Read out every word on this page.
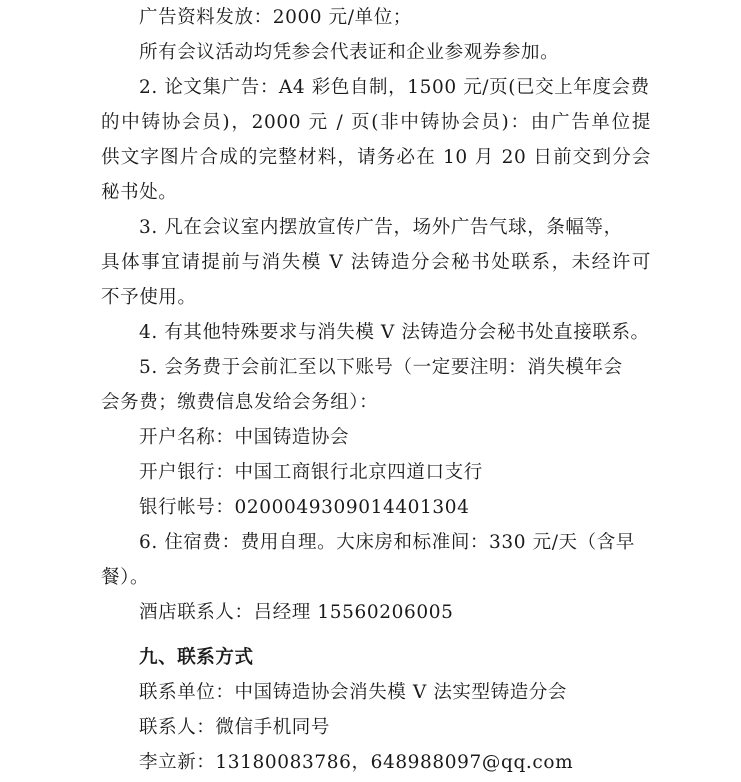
广告资料发放：2000 元/单位；
所有会议活动均凭参会代表证和企业参观券参加。
2. 论文集广告：A4 彩色自制，1500 元/页(已交上年度会费
的中铸协会员)，2000 元 / 页(非中铸协会员)：由广告单位提
供文字图片合成的完整材料，请务必在 10 月 20 日前交到分会
秘书处。
3. 凡在会议室内摆放宣传广告，场外广告气球，条幅等，
具体事宜请提前与消失模 V 法铸造分会秘书处联系，未经许可
不予使用。
4. 有其他特殊要求与消失模 V 法铸造分会秘书处直接联系。
5. 会务费于会前汇至以下账号（一定要注明：消失模年会
会务费；缴费信息发给会务组）：
开户名称：中国铸造协会
开户银行：中国工商银行北京四道口支行
银行帐号：0200049309014401304
6. 住宿费：费用自理。大床房和标准间：330 元/天（含早
餐）。
酒店联系人：吕经理 15560206005
九、联系方式
联系单位：中国铸造协会消失模 V 法实型铸造分会
联系人：微信手机同号
李立新：13180083786，648988097@qq.com
